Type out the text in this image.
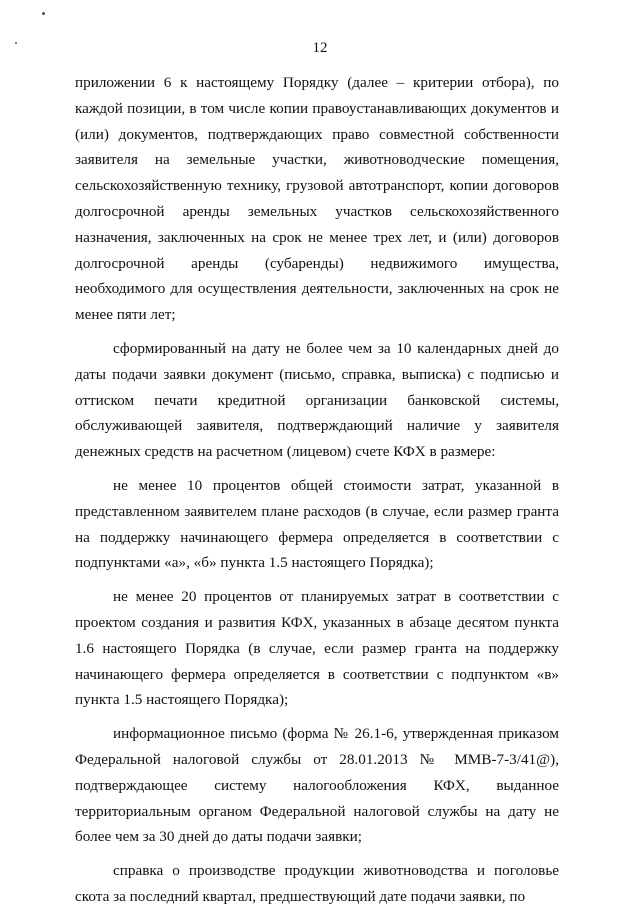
12

приложении 6 к настоящему Порядку (далее – критерии отбора), по каждой позиции, в том числе копии правоустанавливающих документов и (или) документов, подтверждающих право совместной собственности заявителя на земельные участки, животноводческие помещения, сельскохозяйственную технику, грузовой автотранспорт, копии договоров долгосрочной аренды земельных участков сельскохозяйственного назначения, заключенных на срок не менее трех лет, и (или) договоров долгосрочной аренды (субаренды) недвижимого имущества, необходимого для осуществления деятельности, заключенных на срок не менее пяти лет;

сформированный на дату не более чем за 10 календарных дней до даты подачи заявки документ (письмо, справка, выписка) с подписью и оттиском печати кредитной организации банковской системы, обслуживающей заявителя, подтверждающий наличие у заявителя денежных средств на расчетном (лицевом) счете КФХ в размере:

не менее 10 процентов общей стоимости затрат, указанной в представленном заявителем плане расходов (в случае, если размер гранта на поддержку начинающего фермера определяется в соответствии с подпунктами «а», «б» пункта 1.5 настоящего Порядка);

не менее 20 процентов от планируемых затрат в соответствии с проектом создания и развития КФХ, указанных в абзаце десятом пункта 1.6 настоящего Порядка (в случае, если размер гранта на поддержку начинающего фермера определяется в соответствии с подпунктом «в» пункта 1.5 настоящего Порядка);

информационное письмо (форма № 26.1-6, утвержденная приказом Федеральной налоговой службы от 28.01.2013 № ММВ-7-3/41@), подтверждающее систему налогообложения КФХ, выданное территориальным органом Федеральной налоговой службы на дату не более чем за 30 дней до даты подачи заявки;

справка о производстве продукции животноводства и поголовье скота за последний квартал, предшествующий дате подачи заявки, по
